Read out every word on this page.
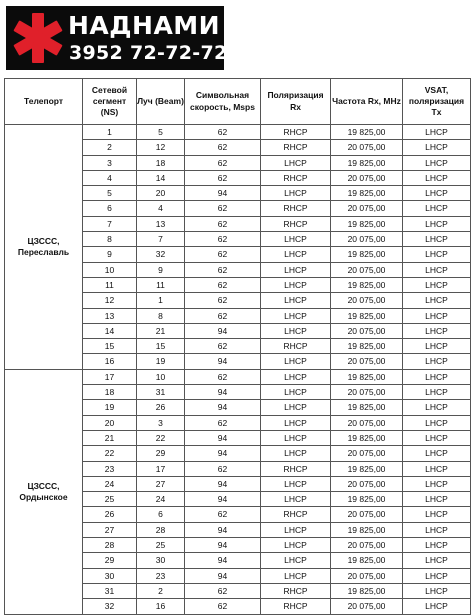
НАДНАМИ
3952 72-72-72
Телепорт	Сетевой сегмент (NS)	Луч (Beam)	Символьная скорость, Msps	Поляризация Rx	Частота Rx, MHz	VSAT, поляризация Tx
ЦЗССС, Переславль	1	5	62	RHCP	19 825,00	LHCP
	2	12	62	RHCP	20 075,00	LHCP
	3	18	62	LHCP	19 825,00	LHCP
	4	14	62	RHCP	20 075,00	LHCP
	5	20	94	LHCP	19 825,00	LHCP
	6	4	62	RHCP	20 075,00	LHCP
	7	13	62	RHCP	19 825,00	LHCP
	8	7	62	LHCP	20 075,00	LHCP
	9	32	62	LHCP	19 825,00	LHCP
	10	9	62	LHCP	20 075,00	LHCP
	11	11	62	LHCP	19 825,00	LHCP
	12	1	62	LHCP	20 075,00	LHCP
	13	8	62	LHCP	19 825,00	LHCP
	14	21	94	LHCP	20 075,00	LHCP
	15	15	62	RHCP	19 825,00	LHCP
	16	19	94	LHCP	20 075,00	LHCP
ЦЗССС, Ордынское	17	10	62	LHCP	19 825,00	LHCP
	18	31	94	LHCP	20 075,00	LHCP
	19	26	94	LHCP	19 825,00	LHCP
	20	3	62	LHCP	20 075,00	LHCP
	21	22	94	LHCP	19 825,00	LHCP
	22	29	94	LHCP	20 075,00	LHCP
	23	17	62	RHCP	19 825,00	LHCP
	24	27	94	LHCP	20 075,00	LHCP
	25	24	94	LHCP	19 825,00	LHCP
	26	6	62	RHCP	20 075,00	LHCP
	27	28	94	LHCP	19 825,00	LHCP
	28	25	94	LHCP	20 075,00	LHCP
	29	30	94	LHCP	19 825,00	LHCP
	30	23	94	LHCP	20 075,00	LHCP
	31	2	62	RHCP	19 825,00	LHCP
	32	16	62	RHCP	20 075,00	LHCP
